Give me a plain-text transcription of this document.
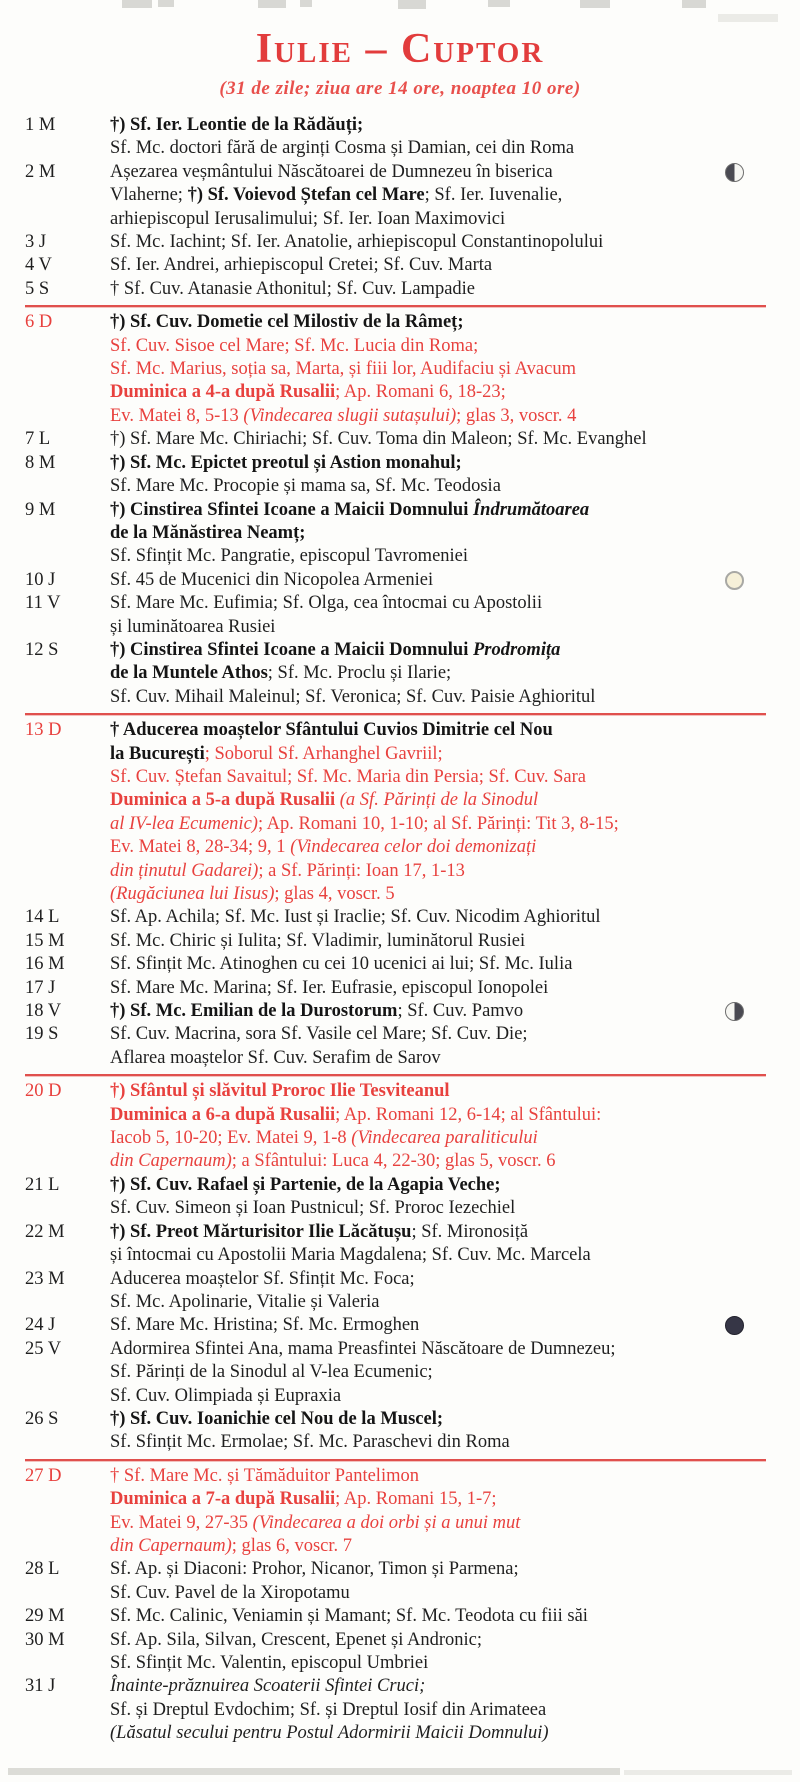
Iulie – Cuptor
(31 de zile; ziua are 14 ore, noaptea 10 ore)
1 M	†) Sf. Ier. Leontie de la Rădăuți;
Sf. Mc. doctori fără de arginți Cosma și Damian, cei din Roma
2 M	Așezarea veșmântului Născătoarei de Dumnezeu în biserica
Vlaherne; †) Sf. Voievod Ștefan cel Mare; Sf. Ier. Iuvenalie,
arhiepiscopul Ierusalimului; Sf. Ier. Ioan Maximovici
3 J	Sf. Mc. Iachint; Sf. Ier. Anatolie, arhiepiscopul Constantinopolului
4 V	Sf. Ier. Andrei, arhiepiscopul Cretei; Sf. Cuv. Marta
5 S	† Sf. Cuv. Atanasie Athonitul; Sf. Cuv. Lampadie
6 D	†) Sf. Cuv. Dometie cel Milostiv de la Râmeț;
Sf. Cuv. Sisoe cel Mare; Sf. Mc. Lucia din Roma;
Sf. Mc. Marius, soția sa, Marta, și fiii lor, Audifaciu și Avacum
Duminica a 4-a după Rusalii; Ap. Romani 6, 18-23;
Ev. Matei 8, 5-13 (Vindecarea slugii sutașului); glas 3, voscr. 4
7 L	†) Sf. Mare Mc. Chiriachi; Sf. Cuv. Toma din Maleon; Sf. Mc. Evanghel
8 M	†) Sf. Mc. Epictet preotul și Astion monahul;
Sf. Mare Mc. Procopie și mama sa, Sf. Mc. Teodosia
9 M	†) Cinstirea Sfintei Icoane a Maicii Domnului Îndrumătoarea
de la Mănăstirea Neamț;
Sf. Sfințit Mc. Pangratie, episcopul Tavromeniei
10 J	Sf. 45 de Mucenici din Nicopolea Armeniei
11 V	Sf. Mare Mc. Eufimia; Sf. Olga, cea întocmai cu Apostolii
și luminătoarea Rusiei
12 S	†) Cinstirea Sfintei Icoane a Maicii Domnului Prodromița
de la Muntele Athos; Sf. Mc. Proclu și Ilarie;
Sf. Cuv. Mihail Maleinul; Sf. Veronica; Sf. Cuv. Paisie Aghioritul
13 D	† Aducerea moaștelor Sfântului Cuvios Dimitrie cel Nou
la București; Soborul Sf. Arhanghel Gavriil;
Sf. Cuv. Ștefan Savaitul; Sf. Mc. Maria din Persia; Sf. Cuv. Sara
Duminica a 5-a după Rusalii (a Sf. Părinți de la Sinodul
al IV-lea Ecumenic); Ap. Romani 10, 1-10; al Sf. Părinți: Tit 3, 8-15;
Ev. Matei 8, 28-34; 9, 1 (Vindecarea celor doi demonizați
din ținutul Gadarei); a Sf. Părinți: Ioan 17, 1-13
(Rugăciunea lui Iisus); glas 4, voscr. 5
14 L	Sf. Ap. Achila; Sf. Mc. Iust și Iraclie; Sf. Cuv. Nicodim Aghioritul
15 M	Sf. Mc. Chiric și Iulita; Sf. Vladimir, luminătorul Rusiei
16 M	Sf. Sfințit Mc. Atinoghen cu cei 10 ucenici ai lui; Sf. Mc. Iulia
17 J	Sf. Mare Mc. Marina; Sf. Ier. Eufrasie, episcopul Ionopolei
18 V	†) Sf. Mc. Emilian de la Durostorum; Sf. Cuv. Pamvo
19 S	Sf. Cuv. Macrina, sora Sf. Vasile cel Mare; Sf. Cuv. Die;
Aflarea moaștelor Sf. Cuv. Serafim de Sarov
20 D	†) Sfântul și slăvitul Proroc Ilie Tesviteanul
Duminica a 6-a după Rusalii; Ap. Romani 12, 6-14; al Sfântului:
Iacob 5, 10-20; Ev. Matei 9, 1-8 (Vindecarea paraliticului
din Capernaum); a Sfântului: Luca 4, 22-30; glas 5, voscr. 6
21 L	†) Sf. Cuv. Rafael și Partenie, de la Agapia Veche;
Sf. Cuv. Simeon și Ioan Pustnicul; Sf. Proroc Iezechiel
22 M	†) Sf. Preot Mărturisitor Ilie Lăcătușu; Sf. Mironosiță
și întocmai cu Apostolii Maria Magdalena; Sf. Cuv. Mc. Marcela
23 M	Aducerea moaștelor Sf. Sfințit Mc. Foca;
Sf. Mc. Apolinarie, Vitalie și Valeria
24 J	Sf. Mare Mc. Hristina; Sf. Mc. Ermoghen
25 V	Adormirea Sfintei Ana, mama Preasfintei Născătoare de Dumnezeu;
Sf. Părinți de la Sinodul al V-lea Ecumenic;
Sf. Cuv. Olimpiada și Eupraxia
26 S	†) Sf. Cuv. Ioanichie cel Nou de la Muscel;
Sf. Sfințit Mc. Ermolae; Sf. Mc. Paraschevi din Roma
27 D	† Sf. Mare Mc. și Tămăduitor Pantelimon
Duminica a 7-a după Rusalii; Ap. Romani 15, 1-7;
Ev. Matei 9, 27-35 (Vindecarea a doi orbi și a unui mut
din Capernaum); glas 6, voscr. 7
28 L	Sf. Ap. și Diaconi: Prohor, Nicanor, Timon și Parmena;
Sf. Cuv. Pavel de la Xiropotamu
29 M	Sf. Mc. Calinic, Veniamin și Mamant; Sf. Mc. Teodota cu fiii săi
30 M	Sf. Ap. Sila, Silvan, Crescent, Epenet și Andronic;
Sf. Sfințit Mc. Valentin, episcopul Umbriei
31 J	Înainte-prăznuirea Scoaterii Sfintei Cruci;
Sf. și Dreptul Evdochim; Sf. și Dreptul Iosif din Arimateea
(Lăsatul secului pentru Postul Adormirii Maicii Domnului)
